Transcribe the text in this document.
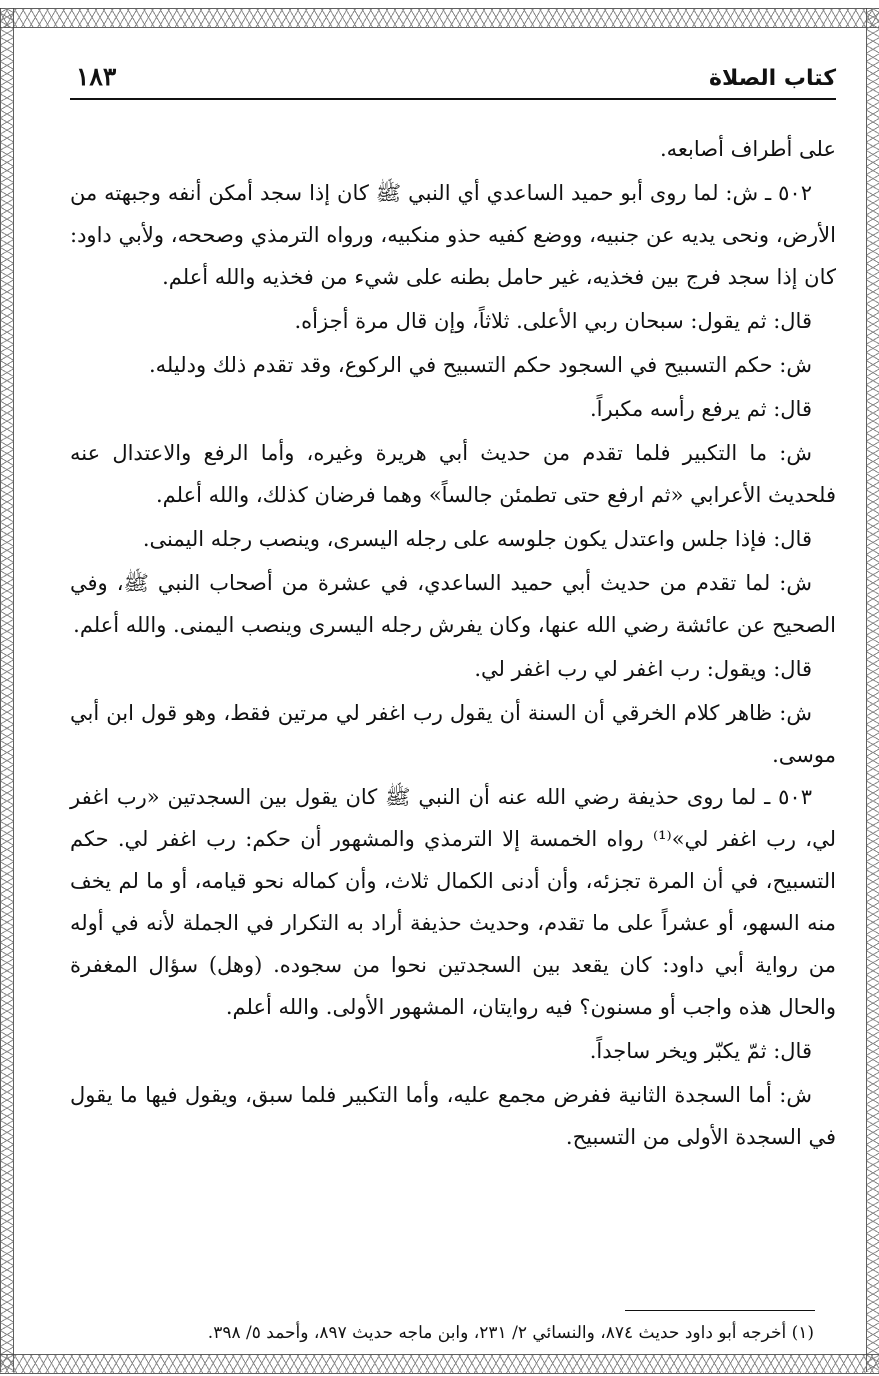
١٨٣	كتاب الصلاة

على أطراف أصابعه.

٥٠٢ ـ ش: لما روى أبو حميد الساعدي أي النبي ﷺ كان إذا سجد أمكن أنفه وجبهته من الأرض، ونحى يديه عن جنبيه، ووضع كفيه حذو منكبيه، ورواه الترمذي وصححه، ولأبي داود: كان إذا سجد فرج بين فخذيه، غير حامل بطنه على شيء من فخذيه والله أعلم.

قال: ثم يقول: سبحان ربي الأعلى. ثلاثاً، وإن قال مرة أجزأه.

ش: حكم التسبيح في السجود حكم التسبيح في الركوع، وقد تقدم ذلك ودليله.

قال: ثم يرفع رأسه مكبراً.

ش: ما التكبير فلما تقدم من حديث أبي هريرة وغيره، وأما الرفع والاعتدال عنه فلحديث الأعرابي «ثم ارفع حتى تطمئن جالساً» وهما فرضان كذلك، والله أعلم.

قال: فإذا جلس واعتدل يكون جلوسه على رجله اليسرى، وينصب رجله اليمنى.

ش: لما تقدم من حديث أبي حميد الساعدي، في عشرة من أصحاب النبي ﷺ، وفي الصحيح عن عائشة رضي الله عنها، وكان يفرش رجله اليسرى وينصب اليمنى. والله أعلم.

قال: ويقول: رب اغفر لي رب اغفر لي.

ش: ظاهر كلام الخرقي أن السنة أن يقول رب اغفر لي مرتين فقط، وهو قول ابن أبي موسى.

٥٠٣ ـ لما روى حذيفة رضي الله عنه أن النبي ﷺ كان يقول بين السجدتين «رب اغفر لي، رب اغفر لي»⁽¹⁾ رواه الخمسة إلا الترمذي والمشهور أن حكم: رب اغفر لي. حكم التسبيح، في أن المرة تجزئه، وأن أدنى الكمال ثلاث، وأن كماله نحو قيامه، أو ما لم يخف منه السهو، أو عشراً على ما تقدم، وحديث حذيفة أراد به التكرار في الجملة لأنه في أوله من رواية أبي داود: كان يقعد بين السجدتين نحوا من سجوده. (وهل) سؤال المغفرة والحال هذه واجب أو مسنون؟ فيه روايتان، المشهور الأولى. والله أعلم.

قال: ثمّ يكبّر ويخر ساجداً.

ش: أما السجدة الثانية ففرض مجمع عليه، وأما التكبير فلما سبق، ويقول فيها ما يقول في السجدة الأولى من التسبيح.

(١) أخرجه أبو داود حديث ٨٧٤، والنسائي ٢/ ٢٣١، وابن ماجه حديث ٨٩٧، وأحمد ٥/ ٣٩٨.
